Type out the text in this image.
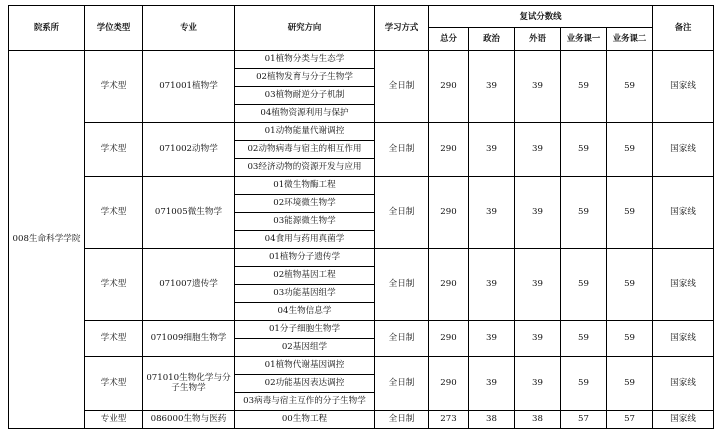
院系所	学位类型	专业	研究方向	学习方式	复试分数线					备注
					总分	政治	外语	业务课一	业务课二	
008生命科学学院	学术型	071001植物学	01植物分类与生态学	全日制	290	39	39	59	59	国家线
			02植物发育与分子生物学							
			03植物耐逆分子机制							
			04植物资源利用与保护							
	学术型	071002动物学	01动物能量代谢调控	全日制	290	39	39	59	59	国家线
			02动物病毒与宿主的相互作用							
			03经济动物的资源开发与应用							
	学术型	071005微生物学	01微生物酶工程	全日制	290	39	39	59	59	国家线
			02环境微生物学							
			03能源微生物学							
			04食用与药用真菌学							
	学术型	071007遗传学	01植物分子遗传学	全日制	290	39	39	59	59	国家线
			02植物基因工程							
			03功能基因组学							
			04生物信息学							
	学术型	071009细胞生物学	01分子细胞生物学	全日制	290	39	39	59	59	国家线
			02基因组学							
	学术型	071010生物化学与分子生物学	01植物代谢基因调控	全日制	290	39	39	59	59	国家线
			02功能基因表达调控							
			03病毒与宿主互作的分子生物学							
	专业型	086000生物与医药	00生物工程	全日制	273	38	38	57	57	国家线
